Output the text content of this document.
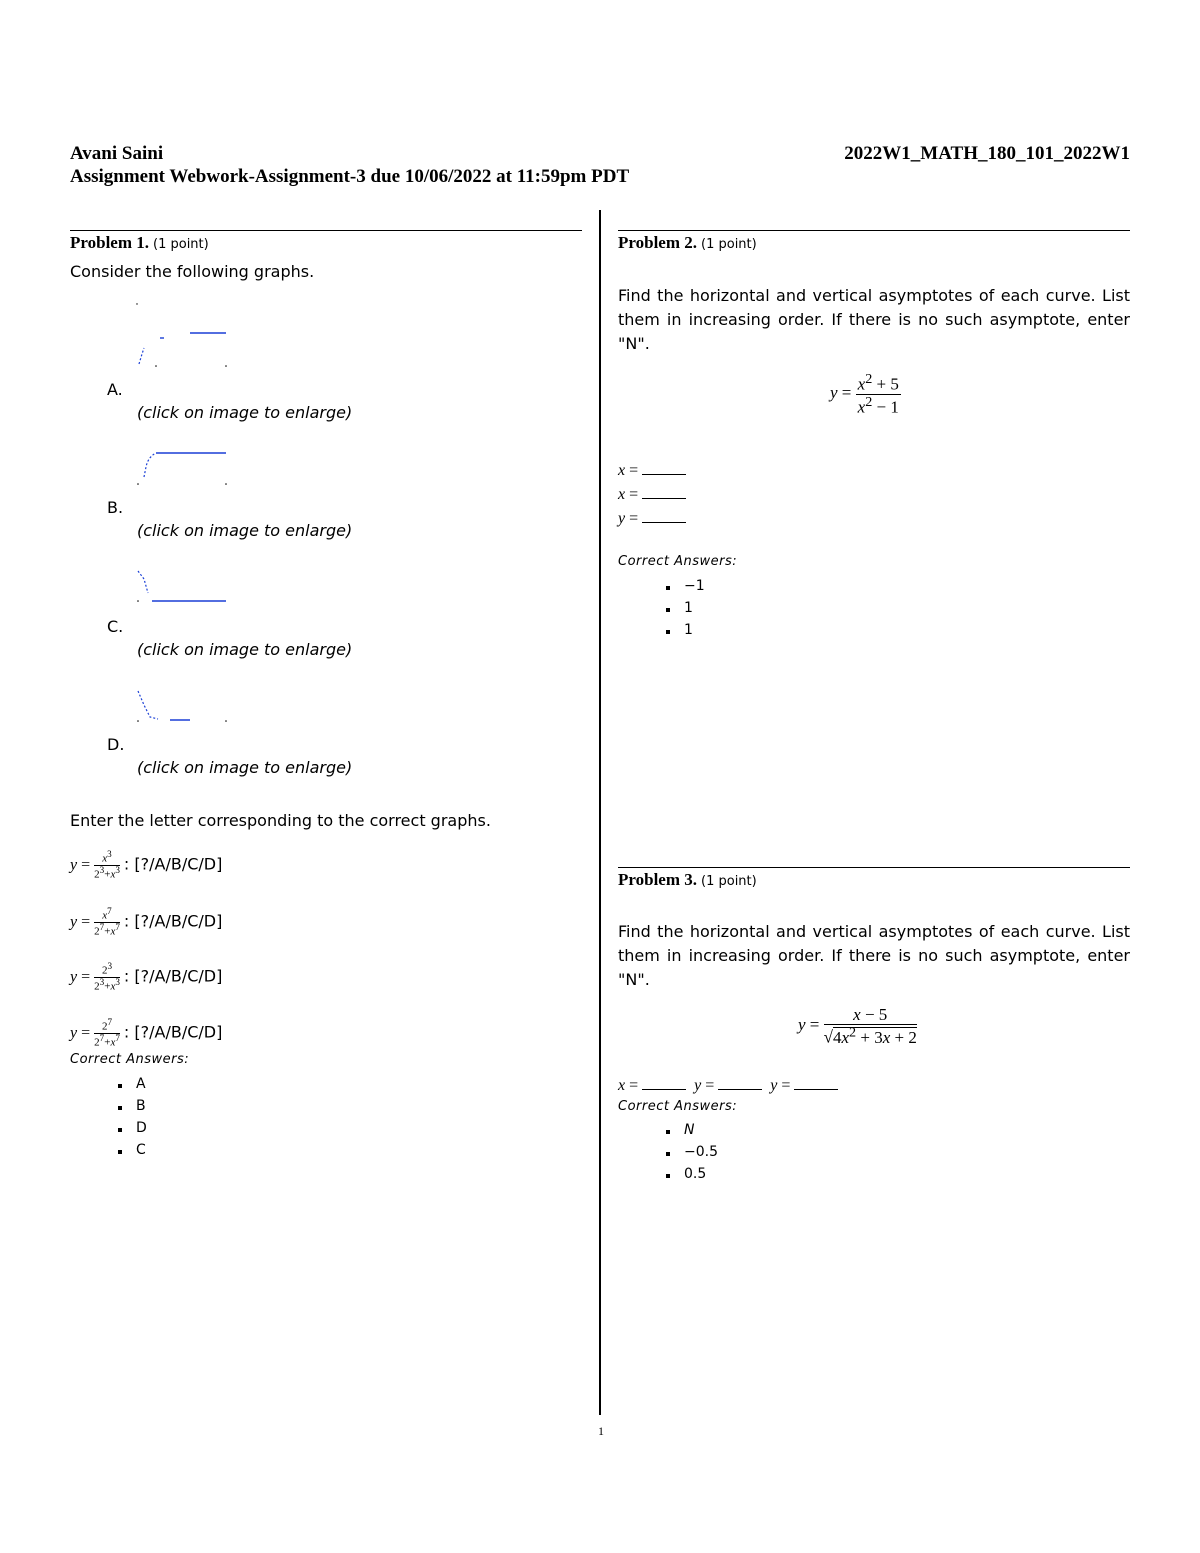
Avani Saini	2022W1_MATH_180_101_2022W1
Assignment Webwork-Assignment-3 due 10/06/2022 at 11:59pm PDT
Problem 1. (1 point)
Consider the following graphs.
A.
(click on image to enlarge)
B.
(click on image to enlarge)
C.
(click on image to enlarge)
D.
(click on image to enlarge)
Enter the letter corresponding to the correct graphs.
$y = \frac{x^3}{2^3+x^3}$ : [?/A/B/C/D]
$y = \frac{x^7}{2^7+x^7}$ : [?/A/B/C/D]
$y = \frac{2^3}{2^3+x^3}$ : [?/A/B/C/D]
$y = \frac{2^7}{2^7+x^7}$ : [?/A/B/C/D]
Correct Answers:
A
B
D
C
Problem 2. (1 point)
Find the horizontal and vertical asymptotes of each curve. List them in increasing order. If there is no such asymptote, enter "N".
$y = \frac{x^2 + 5}{x^2 - 1}$
x =
x =
y =
Correct Answers:
−1
1
1
Problem 3. (1 point)
Find the horizontal and vertical asymptotes of each curve. List them in increasing order. If there is no such asymptote, enter "N".
$y = \frac{x - 5}{√4x^2 + 3x + 2}$
x =	y =	y =
Correct Answers:
N
−0.5
0.5
1
